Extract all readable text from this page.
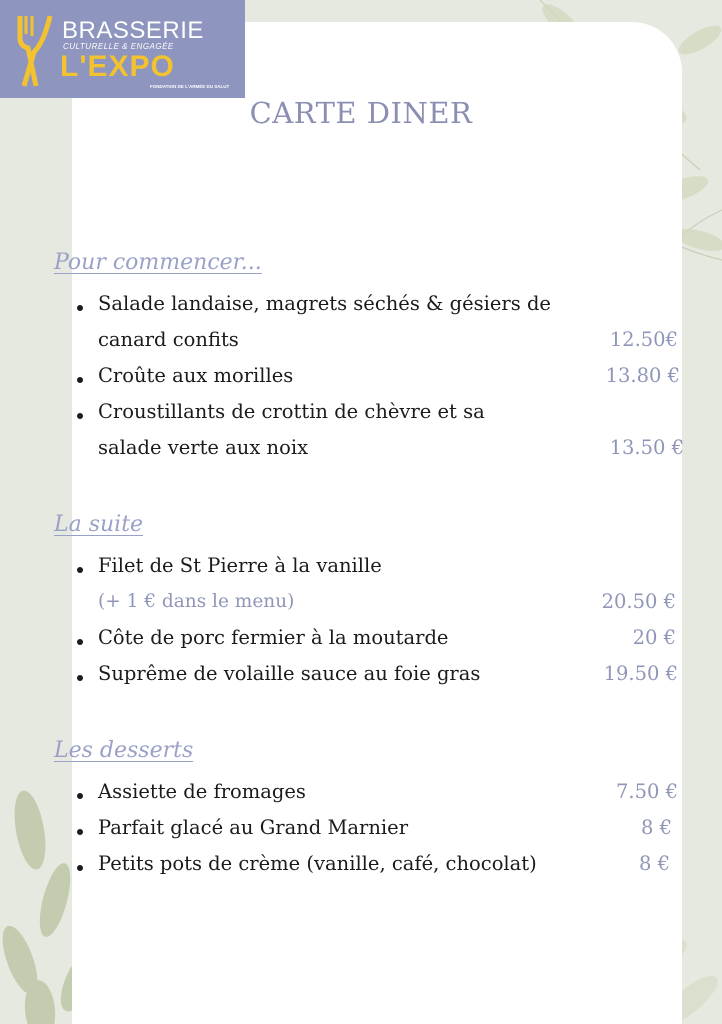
BRASSERIE
CULTURELLE & ENGAGÉE
L'EXPO
FONDATION DE L'ARMÉE DU SALUT
CARTE DINER
Pour commencer...
Salade landaise, magrets séchés & gésiers de
canard confits	12.50€
Croûte aux morilles	13.80 €
Croustillants de crottin de chèvre et sa
salade verte aux noix	13.50 €
La suite
Filet de St Pierre à la vanille
(+ 1 € dans le menu)	20.50 €
Côte de porc fermier à la moutarde	20 €
Suprême de volaille sauce au foie gras	19.50 €
Les desserts
Assiette de fromages	7.50 €
Parfait glacé au Grand Marnier	8 €
Petits pots de crème (vanille, café, chocolat)	8 €
